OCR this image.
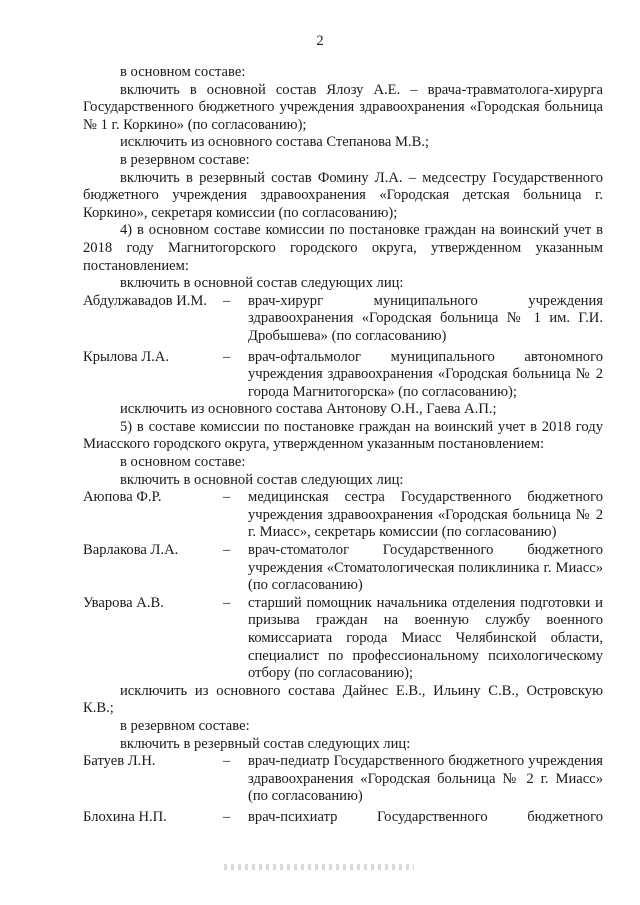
2

в основном составе:

включить в основной состав Ялозу А.Е. – врача-травматолога-хирурга Государственного бюджетного учреждения здравоохранения «Городская больница № 1 г. Коркино» (по согласованию);

исключить из основного состава Степанова М.В.;

в резервном составе:

включить в резервный состав Фомину Л.А. – медсестру Государственного бюджетного учреждения здравоохранения «Городская детская больница г. Коркино», секретаря комиссии (по согласованию);

4) в основном составе комиссии по постановке граждан на воинский учет в 2018 году Магнитогорского городского округа, утвержденном указанным постановлением:

включить в основной состав следующих лиц:

Абдулжавадов И.М.	–	врач-хирург муниципального учреждения здравоохранения «Городская больница № 1 им. Г.И. Дробышева» (по согласованию)
Крылова Л.А.	–	врач-офтальмолог муниципального автономного учреждения здравоохранения «Городская больница № 2 города Магнитогорска» (по согласованию);

исключить из основного состава Антонову О.Н., Гаева А.П.;

5) в составе комиссии по постановке граждан на воинский учет в 2018 году Миасского городского округа, утвержденном указанным постановлением:

в основном составе:

включить в основной состав следующих лиц:

Аюпова Ф.Р.	–	медицинская сестра Государственного бюджетного учреждения здравоохранения «Городская больница № 2 г. Миасс», секретарь комиссии (по согласованию)
Варлакова Л.А.	–	врач-стоматолог Государственного бюджетного учреждения «Стоматологическая поликлиника г. Миасс» (по согласованию)
Уварова А.В.	–	старший помощник начальника отделения подготовки и призыва граждан на военную службу военного комиссариата города Миасс Челябинской области, специалист по профессиональному психологическому отбору (по согласованию);

исключить из основного состава Дайнес Е.В., Ильину С.В., Островскую К.В.;

в резервном составе:

включить в резервный состав следующих лиц:

Батуев Л.Н.	–	врач-педиатр Государственного бюджетного учреждения здравоохранения «Городская больница № 2 г. Миасс» (по согласованию)
Блохина Н.П.	–	врач-психиатр Государственного бюджетного
